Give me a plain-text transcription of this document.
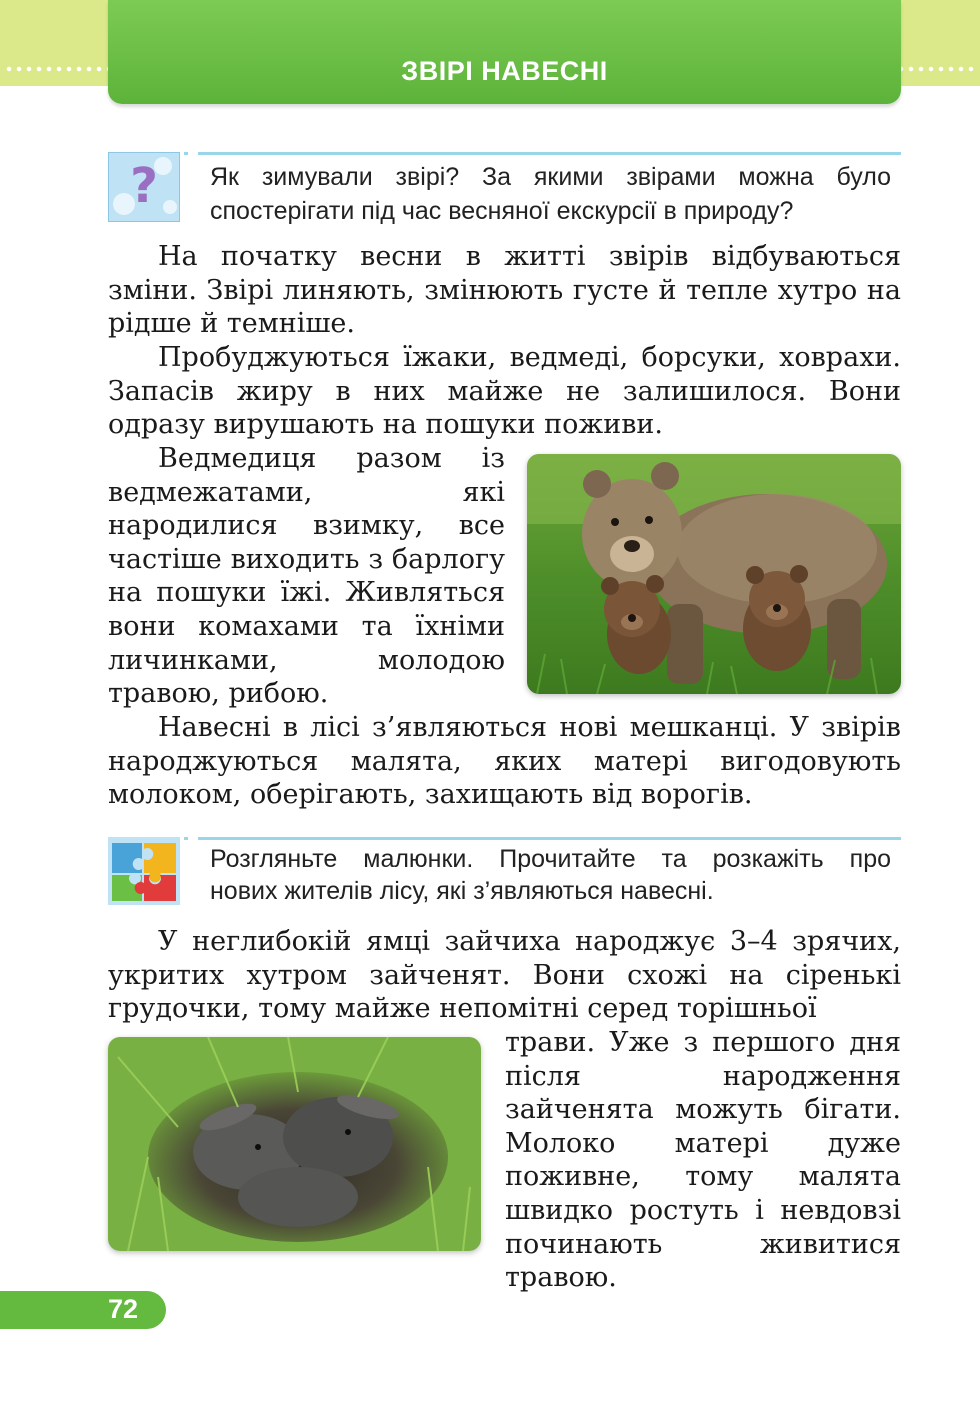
ЗВІРІ НАВЕСНІ
? Як зимували звірі? За якими звірами можна було
спостерігати під час весняної екскурсії в природу?

На початку весни в житті звірів відбуваються зміни. Звірі линяють, змінюють густе й тепле хутро на рідше й темніше.

Пробуджуються їжаки, ведмеді, борсуки, ховрахи. Запасів жиру в них майже не залишилося. Вони одразу вирушають на пошуки поживи.

Ведмедиця разом із ведмежатами, які народилися взимку, все частіше виходить з барлогу на пошуки їжі. Живляться вони комахами та їхніми личинками, молодою травою, рибою.

Навесні в лісі з’являються нові мешканці. У звірів народжуються малята, яких матері вигодовують молоком, оберігають, захищають від ворогів.

Розгляньте малюнки. Прочитайте та розкажіть про
нових жителів лісу, які з’являються навесні.

У неглибокій ямці зайчиха народжує 3–4 зрячих, укритих хутром зайченят. Вони схожі на сіренькі грудочки, тому майже непомітні серед торішньої

трави. Уже з першого дня після народження зайченята можуть бігати. Молоко матері дуже поживне, тому малята швидко ростуть і невдовзі починають живитися травою.

72
